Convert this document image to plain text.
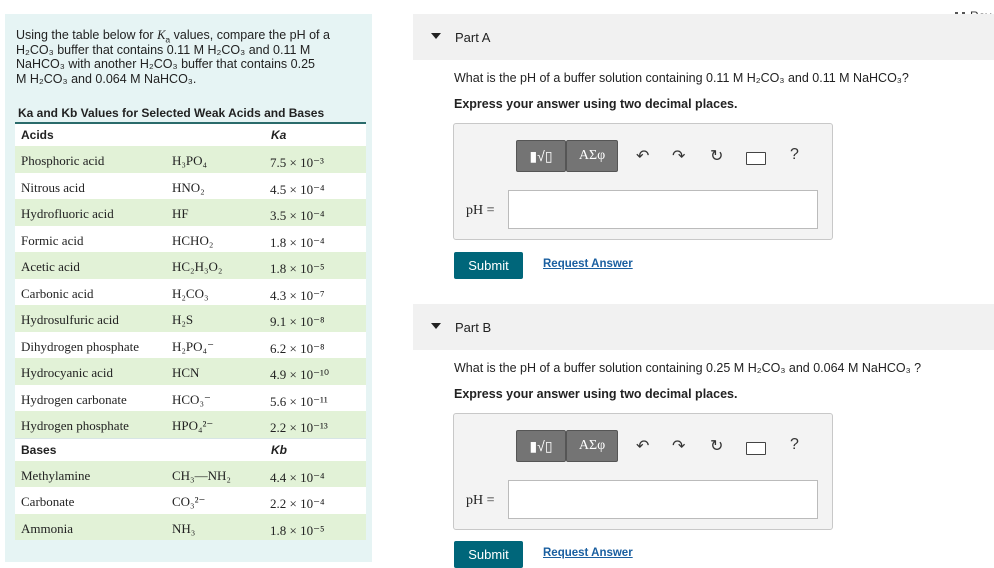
Using the table below for $K_a$ values, compare the pH of a
H₂CO₃ buffer that contains 0.11 M H₂CO₃ and 0.11 M
NaHCO₃ with another H₂CO₃ buffer that contains 0.25
M H₂CO₃ and 0.064 M NaHCO₃.
Ka and Kb Values for Selected Weak Acids and Bases
Acids	Ka
Phosphoric acid	H₃PO₄	7.5 × 10⁻³
Nitrous acid	HNO₂	4.5 × 10⁻⁴
Hydrofluoric acid	HF	3.5 × 10⁻⁴
Formic acid	HCHO₂	1.8 × 10⁻⁴
Acetic acid	HC₂H₃O₂	1.8 × 10⁻⁵
Carbonic acid	H₂CO₃	4.3 × 10⁻⁷
Hydrosulfuric acid	H₂S	9.1 × 10⁻⁸
Dihydrogen phosphate	H₂PO₄⁻	6.2 × 10⁻⁸
Hydrocyanic acid	HCN	4.9 × 10⁻¹⁰
Hydrogen carbonate	HCO₃⁻	5.6 × 10⁻¹¹
Hydrogen phosphate	HPO₄²⁻	2.2 × 10⁻¹³
Bases	Kb
Methylamine	CH₃—NH₂	4.4 × 10⁻⁴
Carbonate	CO₃²⁻	2.2 × 10⁻⁴
Ammonia	NH₃	1.8 × 10⁻⁵
Part A
What is the pH of a buffer solution containing 0.11 M H₂CO₃ and 0.11 M NaHCO₃?
Express your answer using two decimal places.
▮√▯	ΑΣφ	↶ ↷ ↻	?
pH =
Submit	Request Answer
Part B
What is the pH of a buffer solution containing 0.25 M H₂CO₃ and 0.064 M NaHCO₃ ?
Express your answer using two decimal places.
▮√▯	ΑΣφ	↶ ↷ ↻	?
pH =
Submit	Request Answer
